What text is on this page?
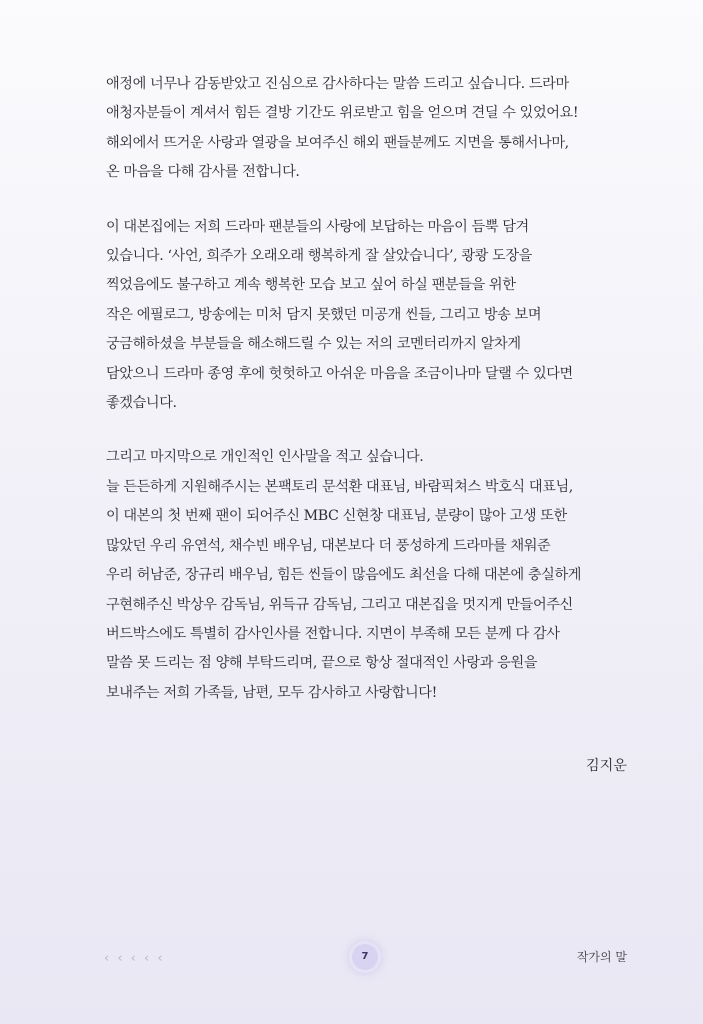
애정에 너무나 감동받았고 진심으로 감사하다는 말씀 드리고 싶습니다. 드라마
애청자분들이 계셔서 힘든 결방 기간도 위로받고 힘을 얻으며 견딜 수 있었어요!
해외에서 뜨거운 사랑과 열광을 보여주신 해외 팬들분께도 지면을 통해서나마,
온 마음을 다해 감사를 전합니다.

이 대본집에는 저희 드라마 팬분들의 사랑에 보답하는 마음이 듬뿍 담겨
있습니다. ‘사언, 희주가 오래오래 행복하게 잘 살았습니다’, 쾅쾅 도장을
찍었음에도 불구하고 계속 행복한 모습 보고 싶어 하실 팬분들을 위한
작은 에필로그, 방송에는 미처 담지 못했던 미공개 씬들, 그리고 방송 보며
궁금해하셨을 부분들을 해소해드릴 수 있는 저의 코멘터리까지 알차게
담았으니 드라마 종영 후에 헛헛하고 아쉬운 마음을 조금이나마 달랠 수 있다면
좋겠습니다.

그리고 마지막으로 개인적인 인사말을 적고 싶습니다.
늘 든든하게 지원해주시는 본팩토리 문석환 대표님, 바람픽쳐스 박호식 대표님,
이 대본의 첫 번째 팬이 되어주신 MBC 신현창 대표님, 분량이 많아 고생 또한
많았던 우리 유연석, 채수빈 배우님, 대본보다 더 풍성하게 드라마를 채워준
우리 허남준, 장규리 배우님, 힘든 씬들이 많음에도 최선을 다해 대본에 충실하게
구현해주신 박상우 감독님, 위득규 감독님, 그리고 대본집을 멋지게 만들어주신
버드박스에도 특별히 감사인사를 전합니다. 지면이 부족해 모든 분께 다 감사
말씀 못 드리는 점 양해 부탁드리며, 끝으로 항상 절대적인 사랑과 응원을
보내주는 저희 가족들, 남편, 모두 감사하고 사랑합니다!

김지운
‹ ‹ ‹ ‹ ‹	7	작가의 말
